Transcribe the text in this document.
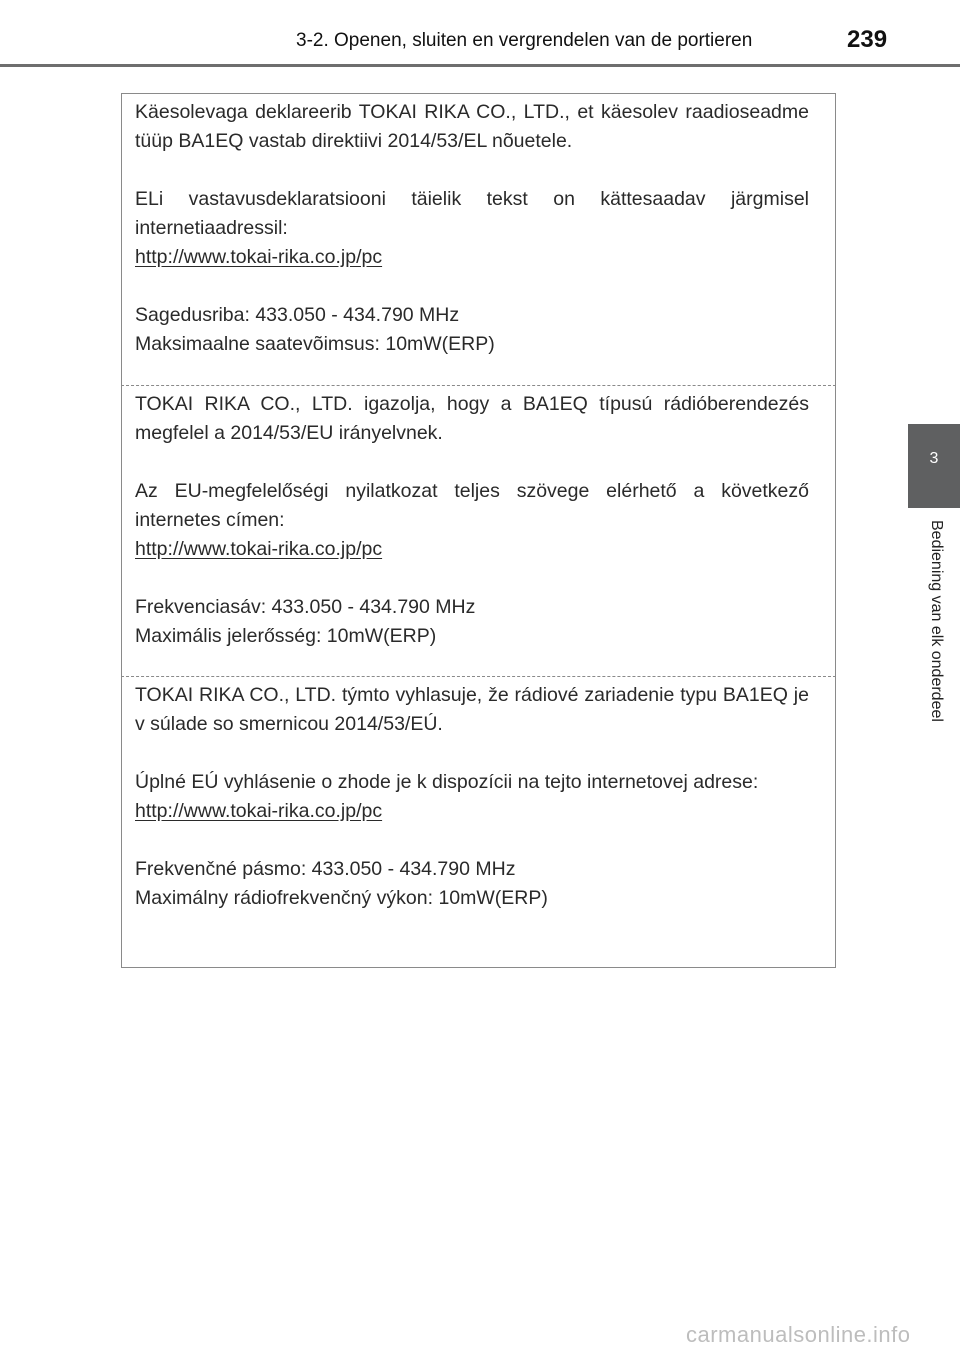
3-2. Openen, sluiten en vergrendelen van de portieren	239
3
Bediening van elk onderdeel

Käesolevaga deklareerib TOKAI RIKA CO., LTD., et käesolev raadioseadme tüüp BA1EQ vastab direktiivi 2014/53/EL nõuetele.

ELi vastavusdeklaratsiooni täielik tekst on kättesaadav järgmisel internetiaadressil:

http://www.tokai-rika.co.jp/pc

Sagedusriba: 433.050 - 434.790 MHz

Maksimaalne saatevõimsus: 10mW(ERP)

TOKAI RIKA CO., LTD. igazolja, hogy a BA1EQ típusú rádióberendezés megfelel a 2014/53/EU irányelvnek.

Az EU-megfelelőségi nyilatkozat teljes szövege elérhető a következő internetes címen:

http://www.tokai-rika.co.jp/pc

Frekvenciasáv: 433.050 - 434.790 MHz

Maximális jelerősség: 10mW(ERP)

TOKAI RIKA CO., LTD. týmto vyhlasuje, že rádiové zariadenie typu BA1EQ je v súlade so smernicou 2014/53/EÚ.

Úplné EÚ vyhlásenie o zhode je k dispozícii na tejto internetovej adrese:

http://www.tokai-rika.co.jp/pc

Frekvenčné pásmo: 433.050 - 434.790 MHz

Maximálny rádiofrekvenčný výkon: 10mW(ERP)

carmanualsonline.info
